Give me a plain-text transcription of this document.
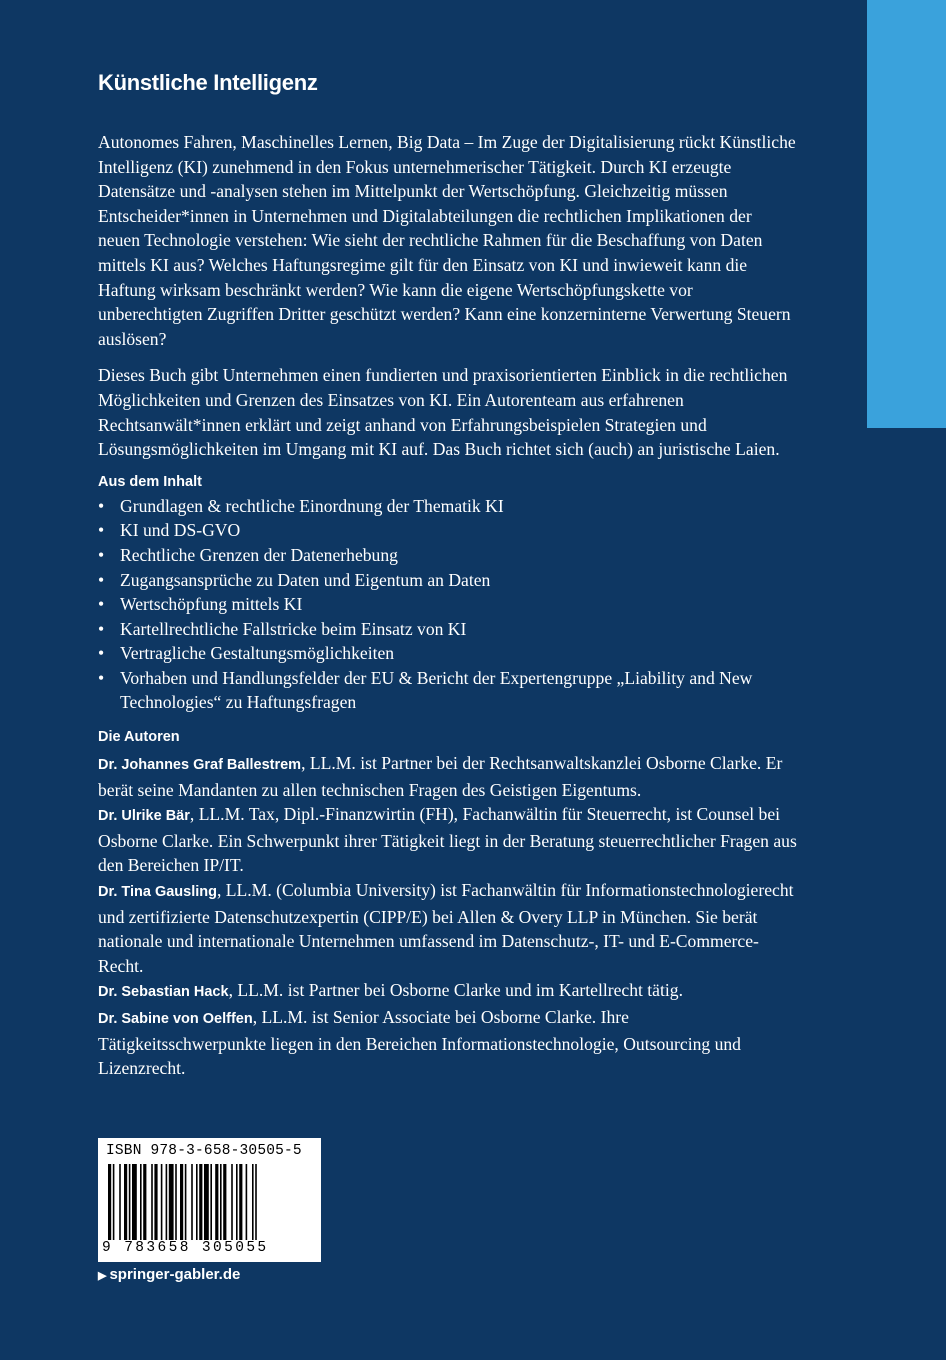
Künstliche Intelligenz

Autonomes Fahren, Maschinelles Lernen, Big Data – Im Zuge der Digitalisierung rückt Künstliche Intelligenz (KI) zunehmend in den Fokus unternehmerischer Tätigkeit. Durch KI erzeugte Datensätze und -analysen stehen im Mittelpunkt der Wertschöpfung. Gleichzeitig müssen Entscheider*innen in Unternehmen und Digitalabteilungen die rechtlichen Implikationen der neuen Technologie verstehen: Wie sieht der rechtliche Rahmen für die Beschaffung von Daten mittels KI aus? Welches Haftungsregime gilt für den Einsatz von KI und inwieweit kann die Haftung wirksam beschränkt werden? Wie kann die eigene Wertschöpfungskette vor unberechtigten Zugriffen Dritter geschützt werden? Kann eine konzerninterne Verwertung Steuern auslösen?

Dieses Buch gibt Unternehmen einen fundierten und praxisorientierten Einblick in die rechtlichen Möglichkeiten und Grenzen des Einsatzes von KI. Ein Autorenteam aus erfahrenen Rechtsanwält*innen erklärt und zeigt anhand von Erfahrungsbeispielen Strategien und Lösungsmöglichkeiten im Umgang mit KI auf. Das Buch richtet sich (auch) an juristische Laien.

Aus dem Inhalt
• Grundlagen & rechtliche Einordnung der Thematik KI
• KI und DS-GVO
• Rechtliche Grenzen der Datenerhebung
• Zugangsansprüche zu Daten und Eigentum an Daten
• Wertschöpfung mittels KI
• Kartellrechtliche Fallstricke beim Einsatz von KI
• Vertragliche Gestaltungsmöglichkeiten
• Vorhaben und Handlungsfelder der EU & Bericht der Expertengruppe „Liability and New Technologies“ zu Haftungsfragen
Die Autoren

Dr. Johannes Graf Ballestrem, LL.M. ist Partner bei der Rechtsanwaltskanzlei Osborne Clarke. Er berät seine Mandanten zu allen technischen Fragen des Geistigen Eigentums.

Dr. Ulrike Bär, LL.M. Tax, Dipl.-Finanzwirtin (FH), Fachanwältin für Steuerrecht, ist Counsel bei Osborne Clarke. Ein Schwerpunkt ihrer Tätigkeit liegt in der Beratung steuerrechtlicher Fragen aus den Bereichen IP/IT.

Dr. Tina Gausling, LL.M. (Columbia University) ist Fachanwältin für Informationstechnologierecht und zertifizierte Datenschutzexpertin (CIPP/E) bei Allen & Overy LLP in München. Sie berät nationale und internationale Unternehmen umfassend im Datenschutz-, IT- und E-Commerce-Recht.

Dr. Sebastian Hack, LL.M. ist Partner bei Osborne Clarke und im Kartellrecht tätig.

Dr. Sabine von Oelffen, LL.M. ist Senior Associate bei Osborne Clarke. Ihre Tätigkeitsschwerpunkte liegen in den Bereichen Informationstechnologie, Outsourcing und Lizenzrecht.

ISBN 978-3-658-30505-5
9 783658 305055
▶ springer-gabler.de
